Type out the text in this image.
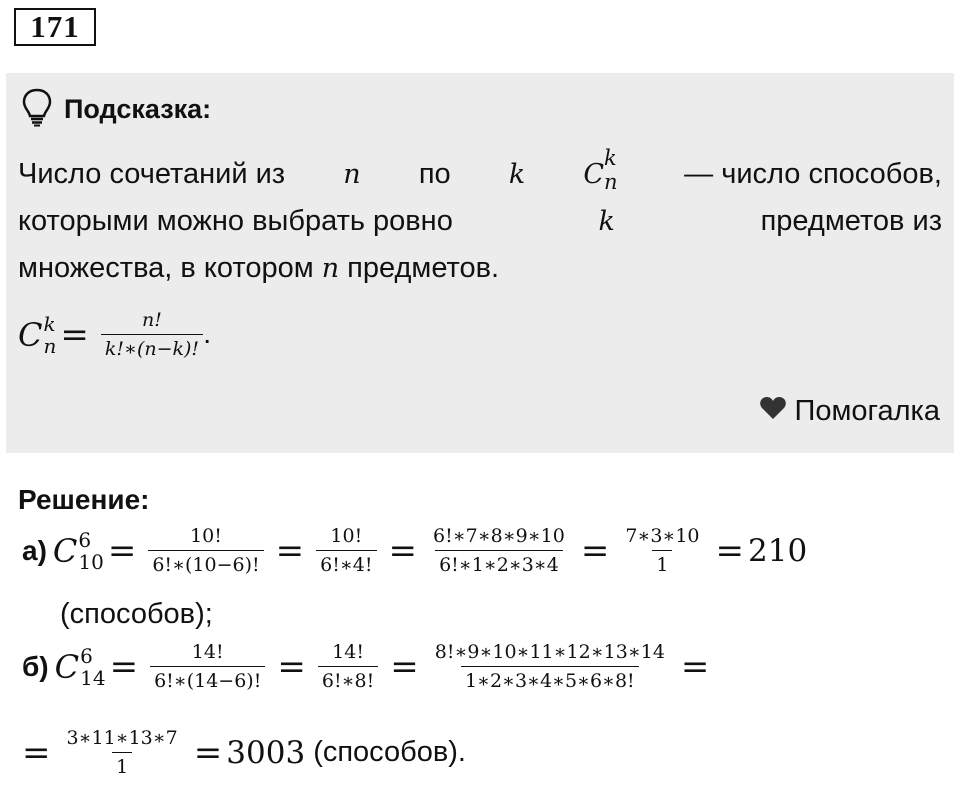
171
Подсказка:
Число сочетаний из n по k C
k
n — число способов,
которыми можно выбрать ровно	k	предметов из
множества, в котором n предметов.
C k
$n = \frac{n!}{k!∗(n-k)!}$ .
Помогалка
Решение:
а) C 6
$10 = \frac{10!}{6!∗(10-6)!} = \frac{10!}{6!∗4!} = \frac{6!∗7∗8∗9∗10}{6!∗1∗2∗3∗4} = \frac{7∗3∗10}{1} = 210$
(способов);
б) C 6
$14 = \frac{14!}{6!∗(14-6)!} = \frac{14!}{6!∗8!} = \frac{8!∗9∗10∗11∗12∗13∗14}{1∗2∗3∗4∗5∗6∗8!}$ =
= $\frac{3∗11∗13∗7}{1} = 3003$ (способов).
